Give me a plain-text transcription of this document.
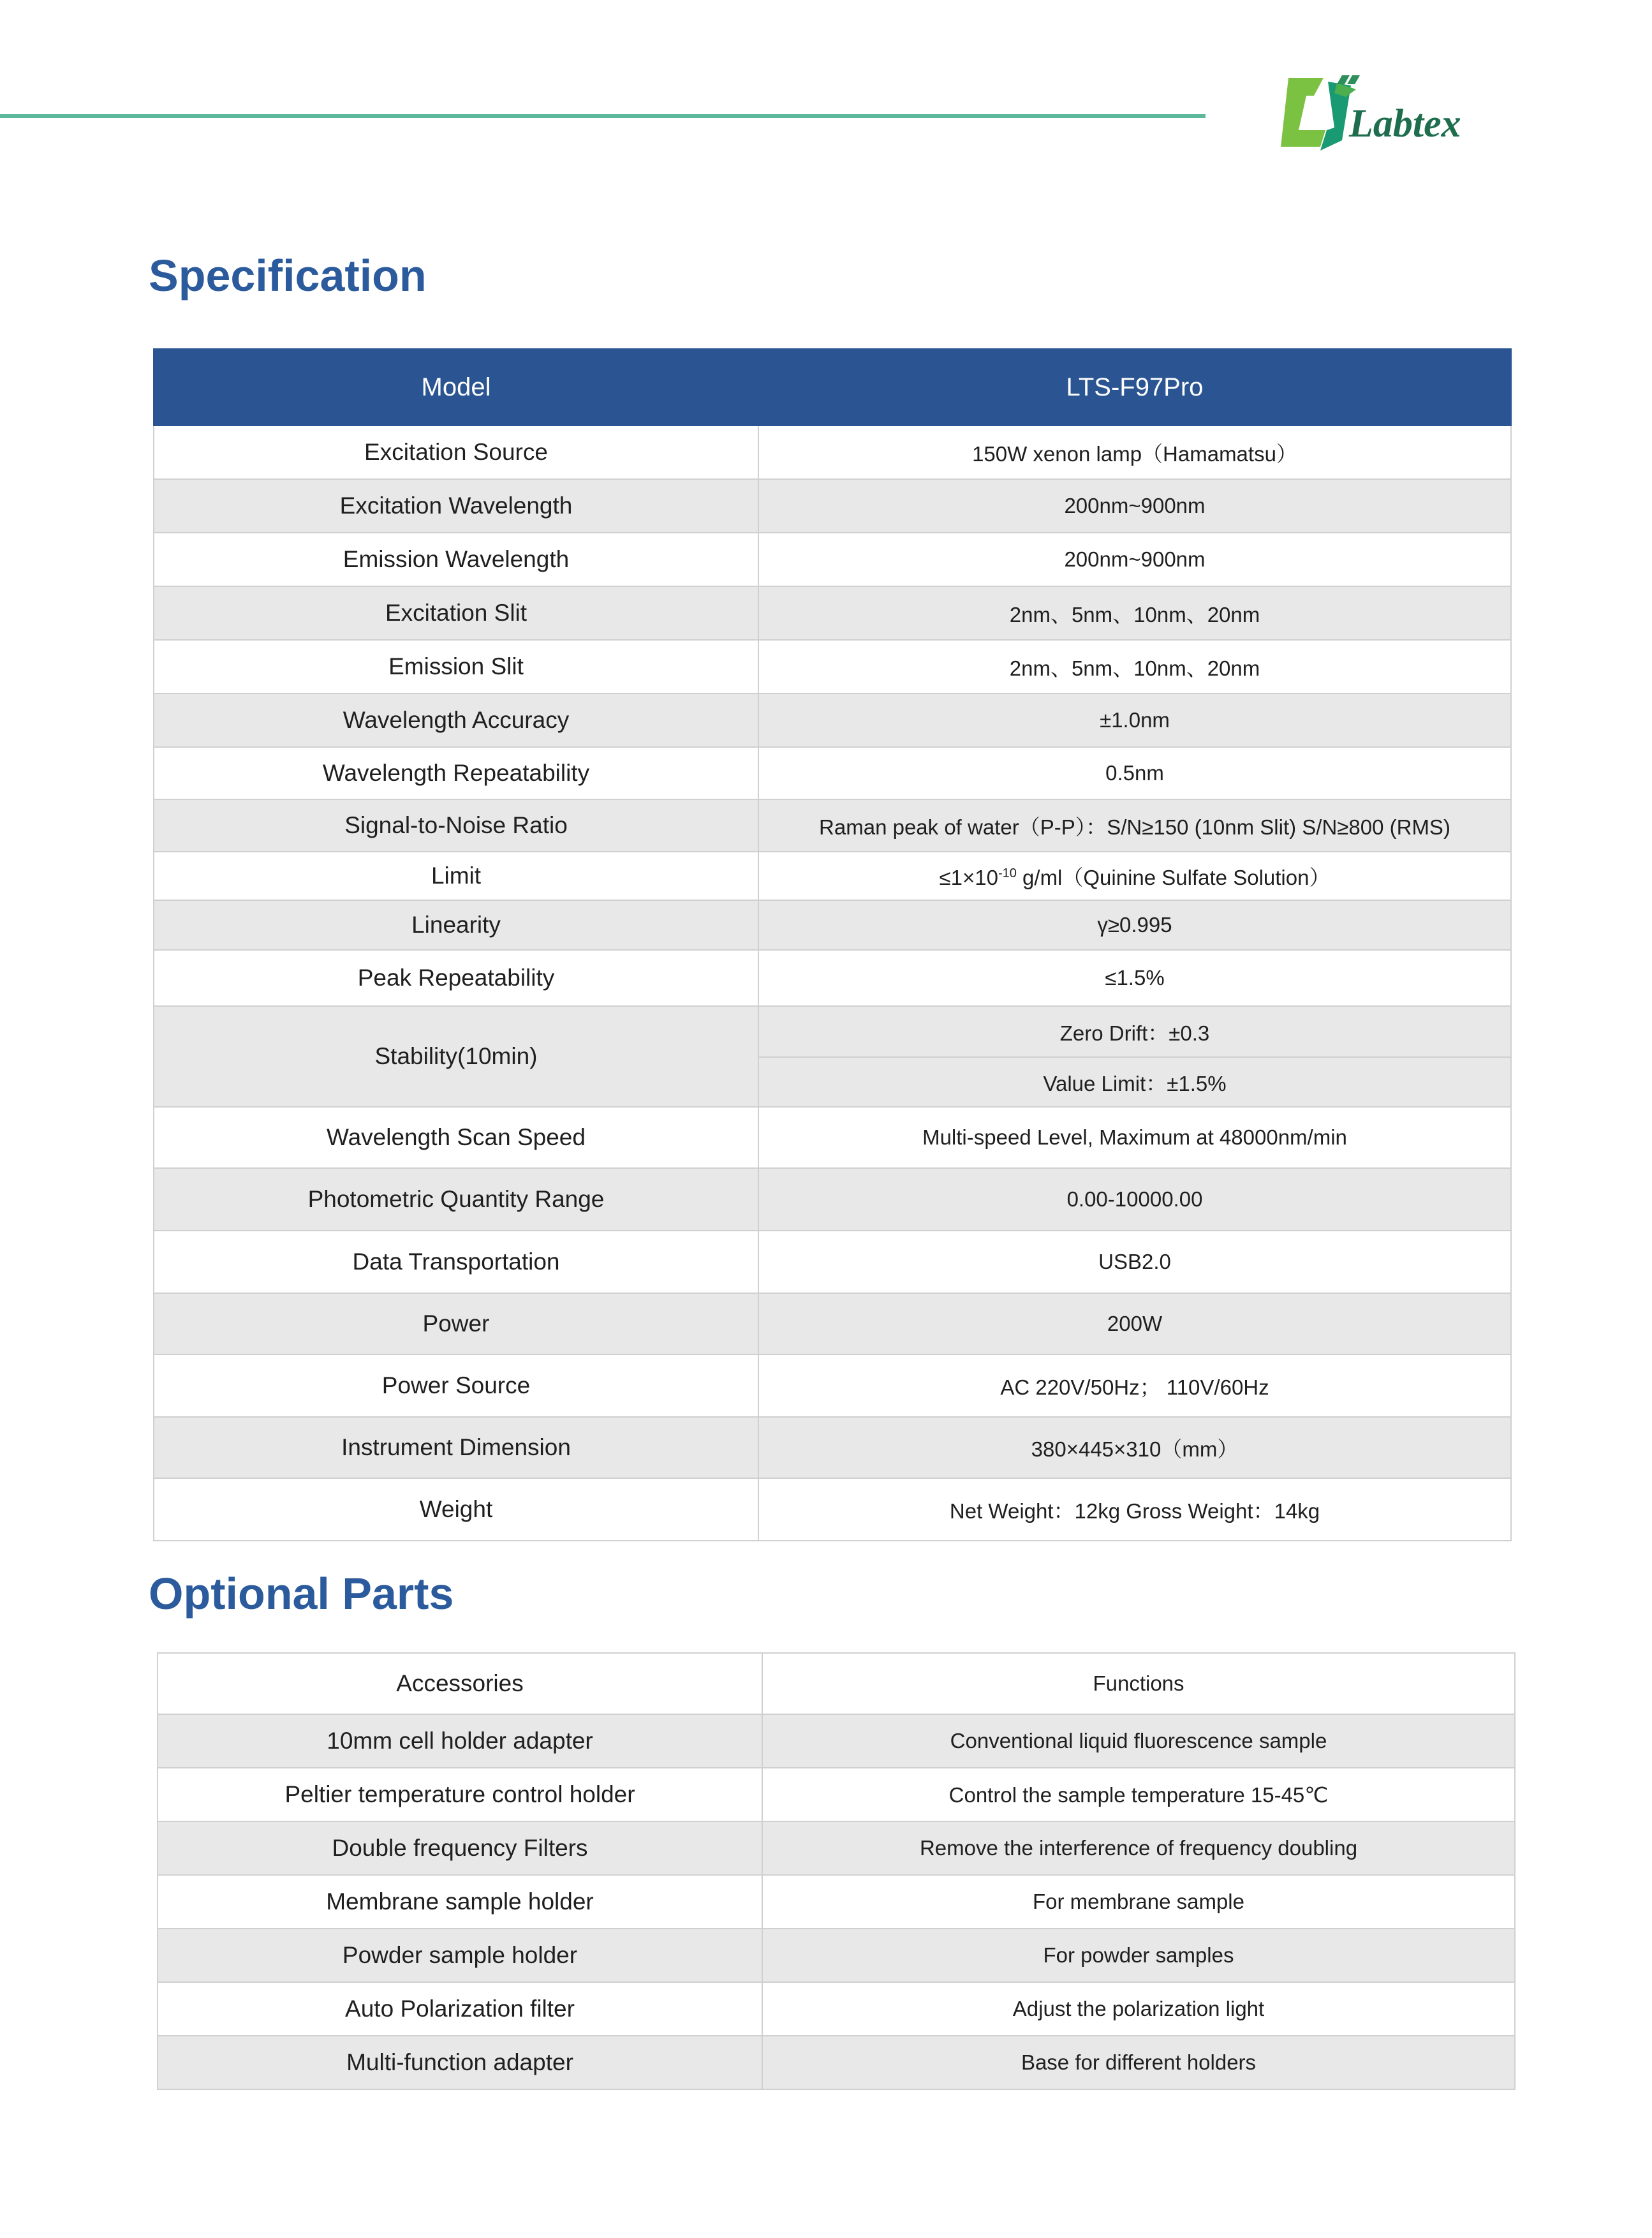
Labtex
Specification
Model	LTS-F97Pro
Excitation Source	150W xenon lamp（Hamamatsu）
Excitation Wavelength	200nm~900nm
Emission Wavelength	200nm~900nm
Excitation Slit	2nm、5nm、10nm、20nm
Emission Slit	2nm、5nm、10nm、20nm
Wavelength Accuracy	±1.0nm
Wavelength Repeatability	0.5nm
Signal-to-Noise Ratio	Raman peak of water（P-P）：S/N≥150 (10nm Slit) S/N≥800 (RMS)
Limit	$\le 1\times 10^{-10}$ g/ml（Quinine Sulfate Solution）
Linearity	γ≥0.995
Peak Repeatability	≤1.5%
Stability(10min)	Zero Drift：±0.3
	Value Limit：±1.5%
Wavelength Scan Speed	Multi-speed Level, Maximum at 48000nm/min
Photometric Quantity Range	0.00-10000.00
Data Transportation	USB2.0
Power	200W
Power Source	AC 220V/50Hz； 110V/60Hz
Instrument Dimension	380×445×310（mm）
Weight	Net Weight：12kg Gross Weight：14kg
Optional Parts
Accessories	Functions
10mm cell holder adapter	Conventional liquid fluorescence sample
Peltier temperature control holder	Control the sample temperature 15-45℃
Double frequency Filters	Remove the interference of frequency doubling
Membrane sample holder	For membrane sample
Powder sample holder	For powder samples
Auto Polarization filter	Adjust the polarization light
Multi-function adapter	Base for different holders
